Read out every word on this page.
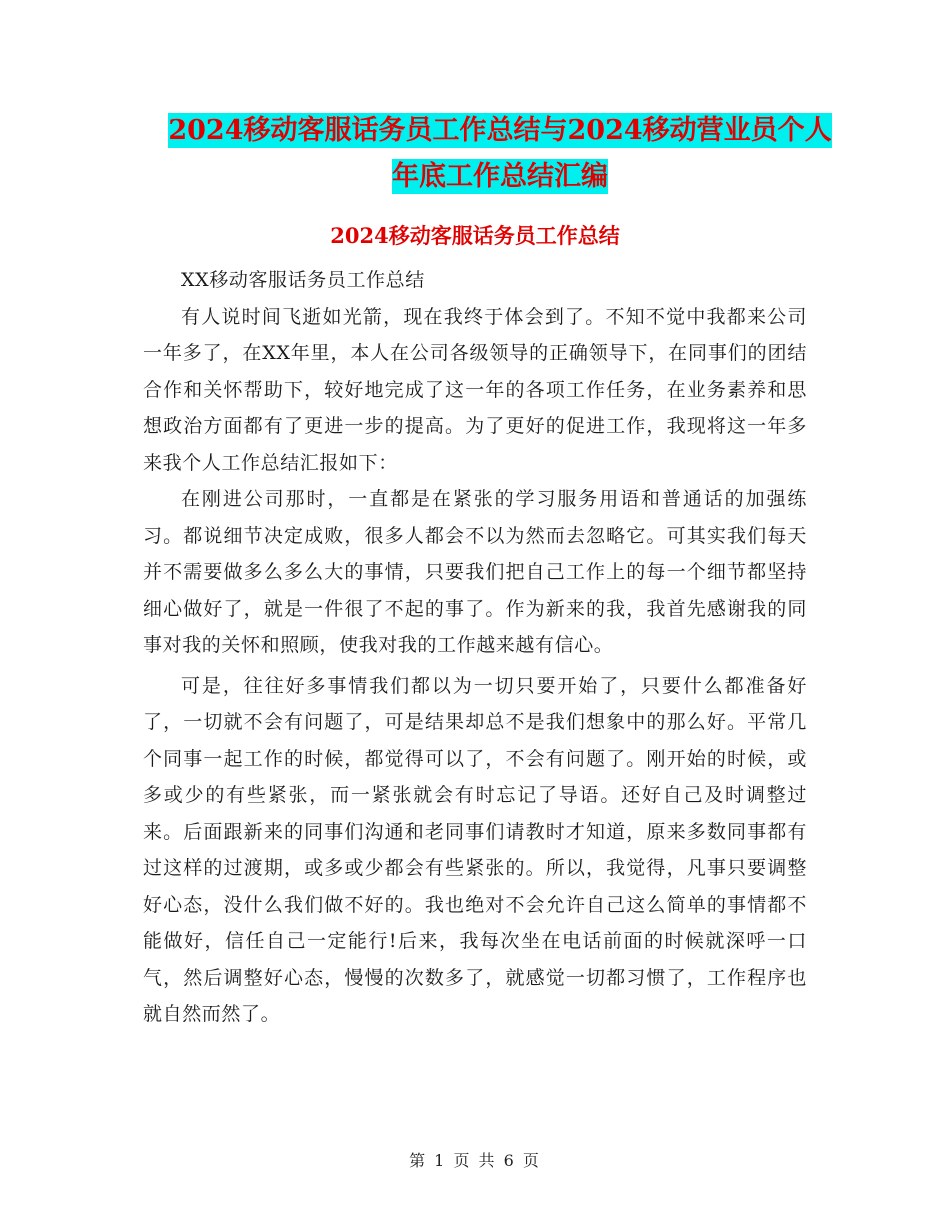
2024移动客服话务员工作总结与2024移动营业员个人
年底工作总结汇编
2024移动客服话务员工作总结

XX移动客服话务员工作总结

有人说时间飞逝如光箭，现在我终于体会到了。不知不觉中我都来公司一年多了，在XX年里，本人在公司各级领导的正确领导下，在同事们的团结合作和关怀帮助下，较好地完成了这一年的各项工作任务，在业务素养和思想政治方面都有了更进一步的提高。为了更好的促进工作，我现将这一年多来我个人工作总结汇报如下：

在刚进公司那时，一直都是在紧张的学习服务用语和普通话的加强练习。都说细节决定成败，很多人都会不以为然而去忽略它。可其实我们每天并不需要做多么多么大的事情，只要我们把自己工作上的每一个细节都坚持细心做好了，就是一件很了不起的事了。作为新来的我，我首先感谢我的同事对我的关怀和照顾，使我对我的工作越来越有信心。

可是，往往好多事情我们都以为一切只要开始了，只要什么都准备好了，一切就不会有问题了，可是结果却总不是我们想象中的那么好。平常几个同事一起工作的时候，都觉得可以了，不会有问题了。刚开始的时候，或多或少的有些紧张，而一紧张就会有时忘记了导语。还好自己及时调整过来。后面跟新来的同事们沟通和老同事们请教时才知道，原来多数同事都有过这样的过渡期，或多或少都会有些紧张的。所以，我觉得，凡事只要调整好心态，没什么我们做不好的。我也绝对不会允许自己这么简单的事情都不能做好，信任自己一定能行!后来，我每次坐在电话前面的时候就深呼一口气，然后调整好心态，慢慢的次数多了，就感觉一切都习惯了，工作程序也就自然而然了。

第 1 页 共 6 页
